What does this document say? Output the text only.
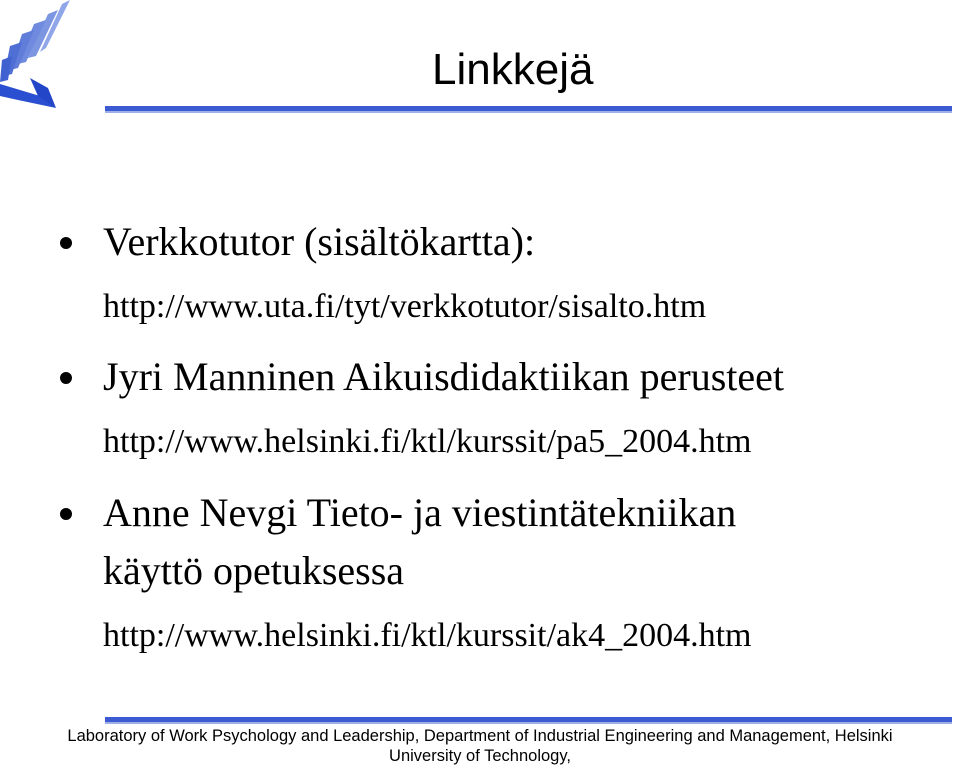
Linkkejä

Verkkotutor (sisältökartta):

http://www.uta.fi/tyt/verkkotutor/sisalto.htm

Jyri Manninen Aikuisdidaktiikan perusteet

http://www.helsinki.fi/ktl/kurssit/pa5_2004.htm

Anne Nevgi Tieto- ja viestintätekniikan

käyttö opetuksessa

http://www.helsinki.fi/ktl/kurssit/ak4_2004.htm

Laboratory of Work Psychology and Leadership, Department of Industrial Engineering and Management, Helsinki
University of Technology,
